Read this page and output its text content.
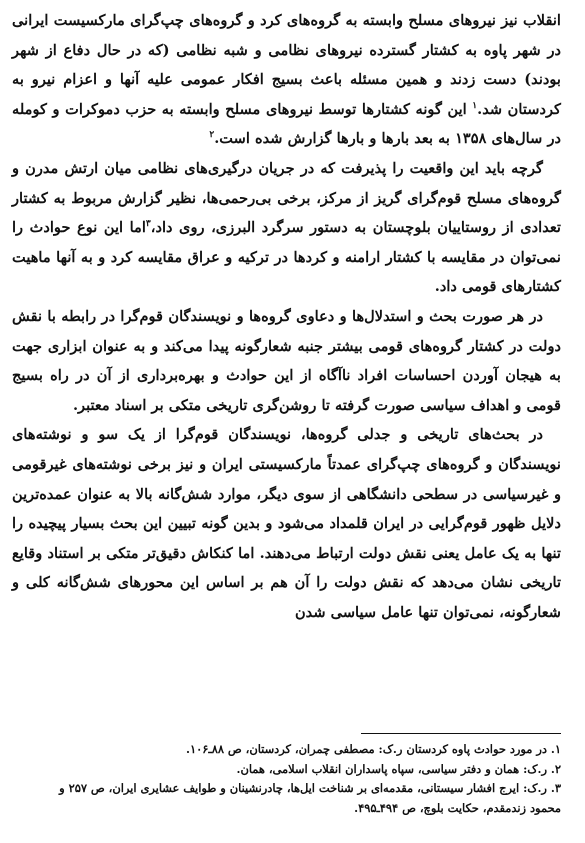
انقلاب نیز نیروهای مسلح وابسته به گروه‌های کرد و گروه‌های چپ‌گرای مارکسیست ایرانی در شهر پاوه به کشتار گسترده نیروهای نظامی و شبه نظامی (که در حال دفاع از شهر بودند) دست زدند و همین مسئله باعث بسیج افکار عمومی علیه آنها و اعزام نیرو به کردستان شد.$^۱$ این گونه کشتارها توسط نیروهای مسلح وابسته به حزب دموکرات و کومله در سال‌های ۱۳۵۸ به بعد بارها و بارها گزارش شده است.$^۲$

گرچه باید این واقعیت را پذیرفت که در جریان درگیری‌های نظامی میان ارتش مدرن و گروه‌های مسلح قوم‌گرای گریز از مرکز، برخی بی‌رحمی‌ها، نظیر گزارش مربوط به کشتار تعدادی از روستاییان بلوچستان به دستور سرگرد البرزی، روی داد،$^۳$اما این نوع حوادث را نمی‌توان در مقایسه با کشتار ارامنه و کردها در ترکیه و عراق مقایسه کرد و به آنها ماهیت کشتارهای قومی داد.

در هر صورت بحث و استدلال‌ها و دعاوی گروه‌ها و نویسندگان قوم‌گرا در رابطه با نقش دولت در کشتار گروه‌های قومی بیشتر جنبه شعارگونه پیدا می‌کند و به عنوان ابزاری جهت به هیجان آوردن احساسات افراد ناآگاه از این حوادث و بهره‌برداری از آن در راه بسیج قومی و اهداف سیاسی صورت گرفته تا روشن‌گری تاریخی متکی بر اسناد معتبر.

در بحث‌های تاریخی و جدلی گروه‌ها، نویسندگان قوم‌گرا از یک سو و نوشته‌های نویسندگان و گروه‌های چپ‌گرای عمدتاً مارکسیستی ایران و نیز برخی نوشته‌های غیرقومی و غیرسیاسی در سطحی دانشگاهی از سوی دیگر، موارد شش‌گانه بالا به عنوان عمده‌ترین دلایل ظهور قوم‌گرایی در ایران قلمداد می‌شود و بدین گونه تبیین این بحث بسیار پیچیده را تنها به یک عامل یعنی نقش دولت ارتباط می‌دهند. اما کنکاش دقیق‌تر متکی بر استناد وقایع تاریخی نشان می‌دهد که نقش دولت را آن هم بر اساس این محورهای شش‌گانه کلی و شعارگونه، نمی‌توان تنها عامل سیاسی شدن

۱. در مورد حوادث پاوه کردستان ر.ک: مصطفی چمران، کردستان، ص ۸۸ـ۱۰۶.
۲. ر.ک: همان و دفتر سیاسی، سپاه پاسداران انقلاب اسلامی، همان.
۳. ر.ک: ایرج افشار سیستانی، مقدمه‌ای بر شناخت ایل‌ها، چادرنشینان و طوایف عشایری ایران، ص ۲۵۷ و
محمود زندمقدم، حکایت بلوچ، ص ۴۹۴ـ۴۹۵.
